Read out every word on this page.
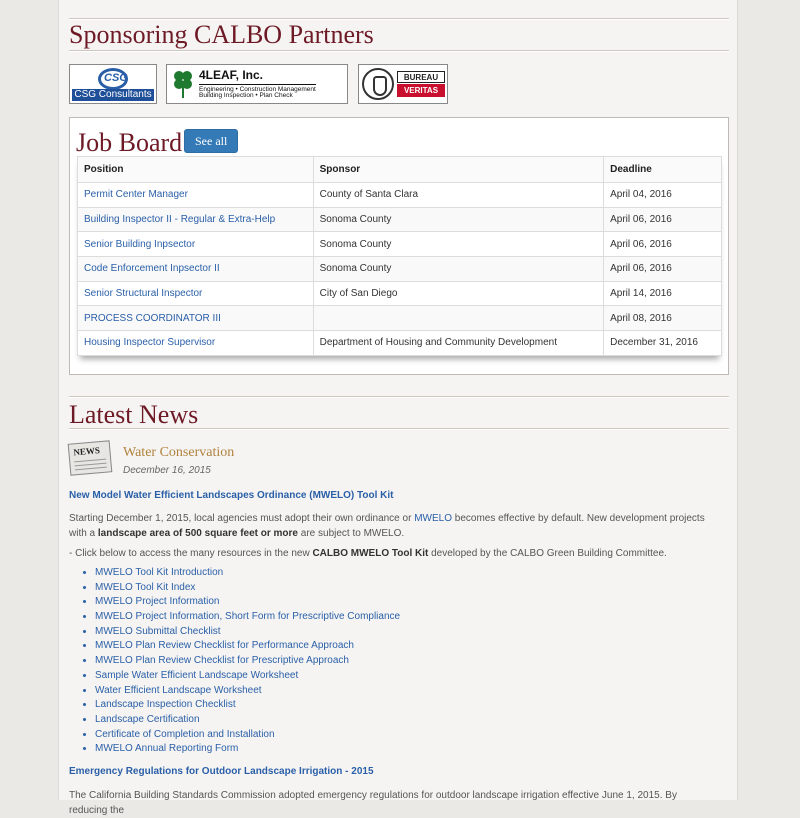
Sponsoring CALBO Partners
CSG
CSG Consultants
4LEAF, Inc.
Engineering • Construction Management
Building Inspection • Plan Check
BUREAU
VERITAS
Job Board	See all
Position	Sponsor	Deadline
Permit Center Manager	County of Santa Clara	April 04, 2016
Building Inspector II - Regular & Extra-Help	Sonoma County	April 06, 2016
Senior Building Inpsector	Sonoma County	April 06, 2016
Code Enforcement Inpsector II	Sonoma County	April 06, 2016
Senior Structural Inspector	City of San Diego	April 14, 2016
PROCESS COORDINATOR III		April 08, 2016
Housing Inspector Supervisor	Department of Housing and Community Development	December 31, 2016
Latest News
NEWS Water Conservation
December 16, 2015
New Model Water Efficient Landscapes Ordinance (MWELO) Tool Kit
Starting December 1, 2015, local agencies must adopt their own ordinance or MWELO becomes effective by default. New development projects with a landscape area of 500 square feet or more are subject to MWELO.
- Click below to access the many resources in the new CALBO MWELO Tool Kit developed by the CALBO Green Building Committee.
• MWELO Tool Kit Introduction
• MWELO Tool Kit Index
• MWELO Project Information
• MWELO Project Information, Short Form for Prescriptive Compliance
• MWELO Submittal Checklist
• MWELO Plan Review Checklist for Performance Approach
• MWELO Plan Review Checklist for Prescriptive Approach
• Sample Water Efficient Landscape Worksheet
• Water Efficient Landscape Worksheet
• Landscape Inspection Checklist
• Landscape Certification
• Certificate of Completion and Installation
• MWELO Annual Reporting Form
Emergency Regulations for Outdoor Landscape Irrigation - 2015
The California Building Standards Commission adopted emergency regulations for outdoor landscape irrigation effective June 1, 2015. By reducing the
